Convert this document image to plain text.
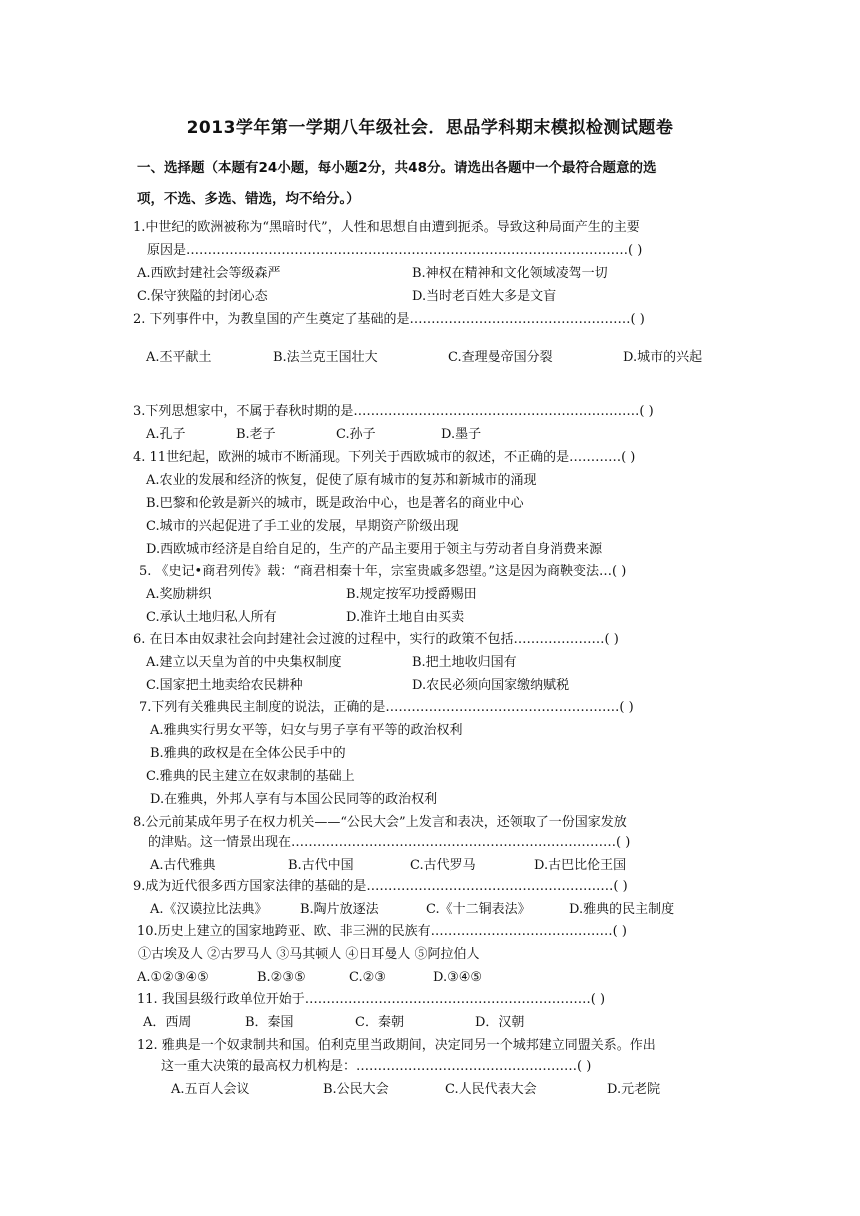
2013学年第一学期八年级社会．思品学科期末模拟检测试题卷
一、选择题（本题有24小题，每小题2分，共48分。请选出各题中一个最符合题意的选
项，不选、多选、错选，均不给分。）
1.中世纪的欧洲被称为“黑暗时代”，人性和思想自由遭到扼杀。导致这种局面产生的主要
原因是…………………………………………………………………………………………( )
A.西欧封建社会等级森严	B.神权在精神和文化领域凌驾一切
C.保守狭隘的封闭心态	D.当时老百姓大多是文盲
2. 下列事件中，为教皇国的产生奠定了基础的是……………………………………………( )
A.丕平献土	B.法兰克王国壮大	C.查理曼帝国分裂	D.城市的兴起
3.下列思想家中，不属于春秋时期的是…………………………………………………………( )
A.孔子	B.老子	C.孙子	D.墨子
4. 11世纪起，欧洲的城市不断涌现。下列关于西欧城市的叙述，不正确的是…………( )
A.农业的发展和经济的恢复，促使了原有城市的复苏和新城市的涌现
B.巴黎和伦敦是新兴的城市，既是政治中心，也是著名的商业中心
C.城市的兴起促进了手工业的发展，早期资产阶级出现
D.西欧城市经济是自给自足的，生产的产品主要用于领主与劳动者自身消费来源
5. 《史记•商君列传》载：“商君相秦十年，宗室贵戚多怨望。”这是因为商鞅变法…( )
A.奖励耕织	B.规定按军功授爵赐田
C.承认土地归私人所有	D.准许土地自由买卖
6. 在日本由奴隶社会向封建社会过渡的过程中，实行的政策不包括…………………( )
A.建立以天皇为首的中央集权制度	B.把土地收归国有
C.国家把土地卖给农民耕种	D.农民必须向国家缴纳赋税
7.下列有关雅典民主制度的说法，正确的是………………………………………………( )
A.雅典实行男女平等，妇女与男子享有平等的政治权利
B.雅典的政权是在全体公民手中的
C.雅典的民主建立在奴隶制的基础上
D.在雅典，外邦人享有与本国公民同等的政治权利
8.公元前某成年男子在权力机关——“公民大会”上发言和表决，还领取了一份国家发放
的津贴。这一情景出现在…………………………………………………………………( )
A.古代雅典	B.古代中国	C.古代罗马	D.古巴比伦王国
9.成为近代很多西方国家法律的基础的是…………………………………………………( )
A.《汉谟拉比法典》 B.陶片放逐法	C.《十二铜表法》	D.雅典的民主制度
10.历史上建立的国家地跨亚、欧、非三洲的民族有……………………………………( )
①古埃及人 ②古罗马人 ③马其顿人 ④日耳曼人 ⑤阿拉伯人
A.①②③④⑤	B.②③⑤	C.②③	D.③④⑤
11. 我国县级行政单位开始于…………………………………………………………( )
A．西周	B．秦国	C．秦朝	D．汉朝
12. 雅典是一个奴隶制共和国。伯利克里当政期间，决定同另一个城邦建立同盟关系。作出
这一重大决策的最高权力机构是：……………………………………………( )
A.五百人会议	B.公民大会	C.人民代表大会	D.元老院
